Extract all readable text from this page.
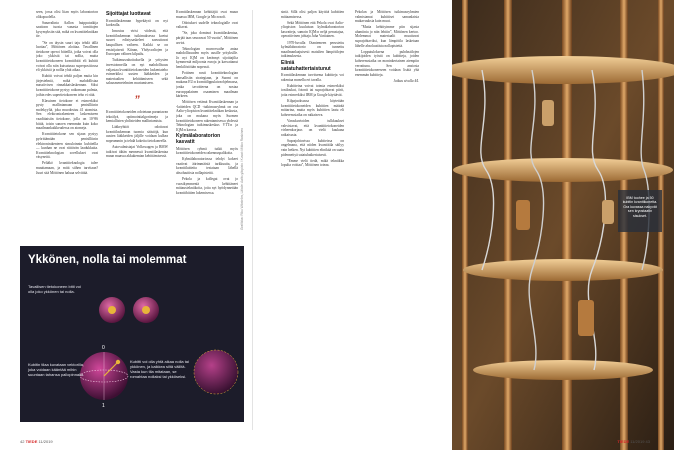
seen, jossa olisi liian myös laboratorion olikopuolella.

Sanavalinta Aallon huippututkija saattoon tuosta vanasta tomittajen kysymyksiin sitä, mikä on kvanttitekniikan tie.

”Se on täysin suuri taju tehdä tällä luottaa”, Möttönen aloittaa. Tavallinen tietokone operoi bitteillä, jotka voivat olla joko ykkösiä tai nollia, mutta kvanttitietokoneen kvanttibitit eli kubitit voivat olla niin kutsutussa superpositiossa eli ykkösiä ja nollia yhtä aikaa.

Kubitit voivat tehdä paljon muita kin järjestelmiä, mikä mahdollistaa massiivisen rinnakkaislaskennan. Siksi kvanttitietokone pystyy ratkomaan pulmia, joihin edes supertietokoneen teho ei riitä.

Klassinen tietokone ei esimerkiksi pysty mallintamaan penisilliinin molekyyliä, joka muodostuu 41 atomista. Sen elektronirakenteen laskemiseen vaadittaisiin tietokone, jolla on 10^86 bittiä, toisin sanoen enemmän kuin koko maailmankaikkeudessa on atomeja.

Kvanttitietokone sen sijaan pystyy pyörittämään penisilliinin elektronirakenteen simuloinnin kubiteilla — kunhan ne ovat riittävän laadukkaita. Kvanttiteknologian sovellukset ovat väsyneitä.

Peliäkö kvanttiteknologia tulee muuttamaan, ja mitä siihen tarvitaan? Juuri sitä Möttönen haluaa selvittää.

Sijoittajat luottavat

Kvanttilaskennan hypekäyrä on nyt korkealla.

Innostus virisi viidestä, että kvanttilaskennan tutkimuksessa koetut suuret edistysaskeleet saavuttavat kaupallisen vaiheen. Kaikki se on ensisijaisesti Kiinan, Yhdysvaltojen ja Euroopan välinen kilpailu.

Tutkimusrahoituksella ja yritysten investoinneilla on nyt mahdollisuus valjastaa kvanttitietokoneiden laskentateho esimerkiksi uusien lääkkeiden ja materiaalien kehittämiseen sekä salausmenetelmien murtamiseen.

”

Kvanttitietokoneiden odotetaan parantavan tekoälyä, optimointialgoritmeja ja kemiallisten yhdisteiden mallintamista.

Lääkeyhtiöt odottavat kvanttilaskennan tuomia säästöjä, kun uusien lääkkeiden jäljille voidaan kulkea nopeammin ja tehdä kokeita tietokoneella.

Autovalmistajat Volkswagen ja BMW tutkivat tähän mennessä kvanttilaskentaa muun muassa akkukemian kehittämisessä.

Kvanttilaskennan kehittäjiä ovat muun muassa IBM, Google ja Microsoft.

Odotukset uudelle teknologialle ovat valtavat.

”Se, joka dominoi kvanttilaskentaa, pärjää taas seuraavat 50 vuotta”, Möttönen arvioi.

Teknologian murrosvaihe antaa mahdollisuuden myös uusille yrityksille. Jo nyt IQM on kerännyt sijoittajilta kymmeniä miljoonia euroja ja kasvattanut henkilöstöään nopeasti.

Pottinen nosti kvanttiteknologian kansallisiin strategiaan, ja Suomi on mukana EU:n kvanttilippulaivaohjelmassa, jonka tavoitteena on nostaa eurooppalainen osaaminen maailman kärkeen.

Möttösen vetämä Kvanttilaskennan ja -laitteiden QCD -tutkimusryhmä on osa Aalto-yliopiston kvanttitekniikan keskusta, joka on mukana myös Suomen kvanttitietokoneen rakentamisessa yhdessä Teknologian tutkimuskeskus VTT:n ja IQM:n kanssa.

Kylmälaboratorion kasvatit

Möttösen ryhmä tutkii myös kvanttitietokoneiden rakennuspalikoita.

Kylmälaboratoriossa tehdyt kokeet vaativat äärimmäistä tarkkuutta, ja kvanttilaitteita testataan lähellä absoluuttista nollapistettä.

Pekola ja kollegat ovat jo vuosikymmeniä kehittäneet mittaustekniikoita, joita nyt hyödynnetään kvanttibittien lukemisessa.	Grafiikka: Riku Wikström, Lähde: Aalto-yliopisto / Kuvat: Mikko Raskinen

sintä. Sillä olisi paljon käyttöä kubittien mittaamisessa.

Sekä Möttönen että Pekola ovat Aalto-yliopiston kuuluisan kylmälaboratorion kasvatteja, samoin IQM:n neljä perustajaa, operatiivinen johtaja Juha Vartiainen.

1970-luvulla Otaniemeen perustettu kylmälaboratorio on tunnettu maailmanlaajuisesti matalien lämpötilojen tutkimuksesta.

Eliniä satatuhattertaistunut

Kvanttilaskennan tarvitsema kubitteja voi rakentaa monella eri tavalla.

Kubitteina voivat toimia esimerkiksi ioniloukut, fotonit tai suprajohtavat piirit, joita esimerkiksi IBM ja Google käyttävät.

Kilpajuoksussa käytetään kvanttitietokoneiden kubittien määrää mittarina, mutta myös kubittien laatu eli koherenssiaika on ratkaiseva.

Varaskuvioiden tulkkaukset vahvistavat, että kvanttitietokoneiden virheenkorjaus on vielä kaukana ratkaisusta.

Suprajohtavissa kubiteissa on ongelmana, että niiden kvanttitila säilyy vain hetken. Nyt kubittien elinikää on saatu pidennettyä satatuhatkertaisesti.

”Emme vielä tiedä, mikä tekniikka lopulta voittaa”, Möttönen toteaa.

Pekolan ja Möttösen tutkimusryhmien valmistamat kubittiset samanlaisia mukavuuksia kuin muut.

”Mutta kehittyimme piin sijasta alumiinia jo niin lehtiin”, Möttönen kertoo. Molemmat materiaalit muuttuvat suprajohtaviksi, kun lämpötila lasketaan lähelle absoluuttista nollapistettä.

Lopputuloksena puhdastilojen tutkijoiden työstä on kubitteja, joiden koherenssiaika on moninkertainen aiempiin verrattuna. Sen ansiosta kvanttitietokoneeseen voidaan lisätä yhä enemmän kubitteja.

Jatkuu sivulla 44.

Ykkönen, nolla tai molemmat
0
1
Tavallisen tietokoneen bitti voi olla joko ykkönen tai nolla.
Kubitin tilaa kuvataan vektorilla, joka voidaan kääntää mihin suuntaan tahansa pallopinnalla.
Kubitti voi olla yhtä aikaa nolla tai ykkönen, ja kaikkea siltä väliltä. Vasta kun tila mitataan, se romahtaa nollaksi tai ykköseksi.
IBM toohee ja 50 kubitin kvanttikonetta. Gra kuvassa nakyvät sen kryostaatin sisukset.
42 TIEDE 11/2019	TIEDE 11/2019 43
